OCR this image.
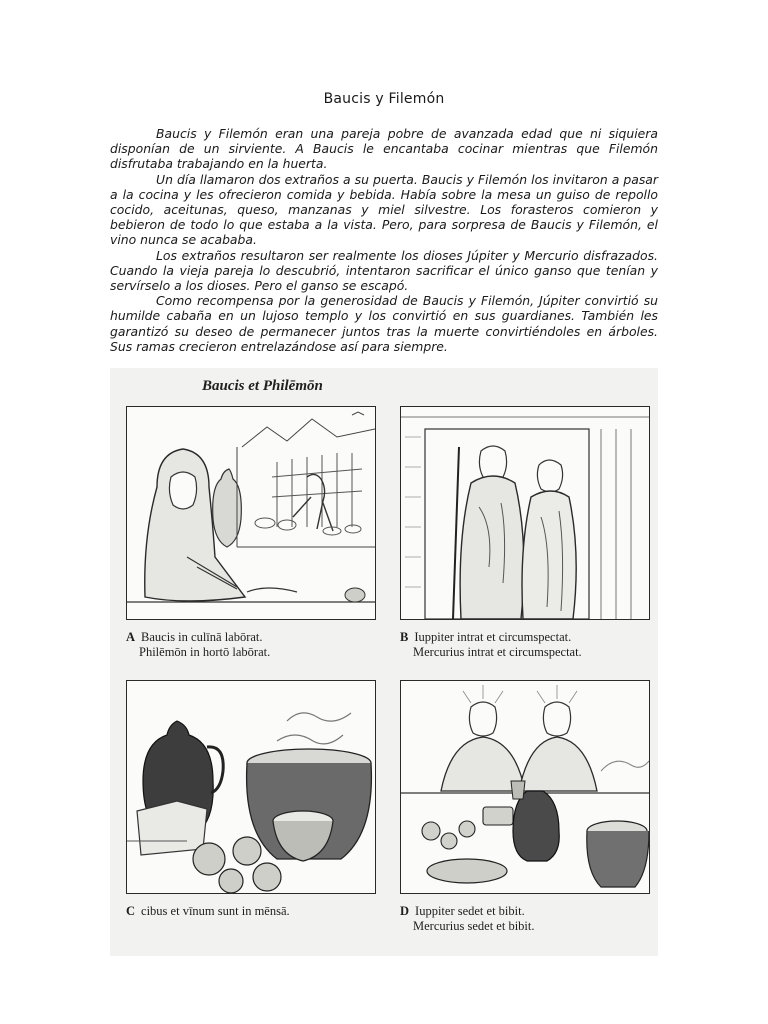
Baucis y Filemón

Baucis y Filemón eran una pareja pobre de avanzada edad que ni siquiera disponían de un sirviente. A Baucis le encantaba cocinar mientras que Filemón disfrutaba trabajando en la huerta.

Un día llamaron dos extraños a su puerta. Baucis y Filemón los invitaron a pasar a la cocina y les ofrecieron comida y bebida. Había sobre la mesa un guiso de repollo cocido, aceitunas, queso, manzanas y miel silvestre. Los forasteros comieron y bebieron de todo lo que estaba a la vista. Pero, para sorpresa de Baucis y Filemón, el vino nunca se acababa.

Los extraños resultaron ser realmente los dioses Júpiter y Mercurio disfrazados. Cuando la vieja pareja lo descubrió, intentaron sacrificar el único ganso que tenían y servírselo a los dioses. Pero el ganso se escapó.

Como recompensa por la generosidad de Baucis y Filemón, Júpiter convirtió su humilde cabaña en un lujoso templo y los convirtió en sus guardianes. También les garantizó su deseo de permanecer juntos tras la muerte convirtiéndoles en árboles. Sus ramas crecieron entrelazándose así para siempre.

Baucis et Philēmōn
A Baucis in culīnā labōrat.
Philēmōn in hortō labōrat.
B Iuppiter intrat et circumspectat.
Mercurius intrat et circumspectat.
C cibus et vīnum sunt in mēnsā.	D Iuppiter sedet et bibit.
Mercurius sedet et bibit.
